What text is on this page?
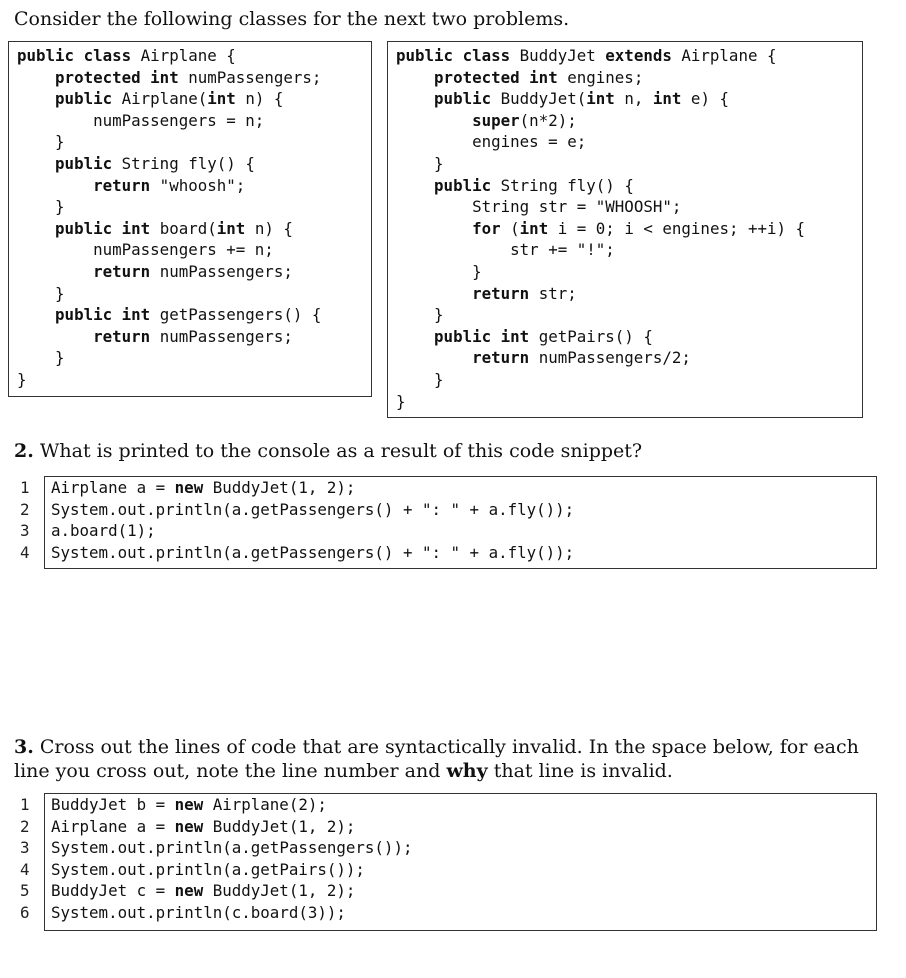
Consider the following classes for the next two problems.
public class Airplane {
protected int numPassengers;
public Airplane(int n) {
numPassengers = n;
}
public String fly() {
return "whoosh";
}
public int board(int n) {
numPassengers += n;
return numPassengers;
}
public int getPassengers() {
return numPassengers;
}
}
public class BuddyJet extends Airplane {
protected int engines;
public BuddyJet(int n, int e) {
super(n*2);
engines = e;
}
public String fly() {
String str = "WHOOSH";
for (int i = 0; i < engines; ++i) {
str += "!";
}
return str;
}
public int getPairs() {
return numPassengers/2;
}
}
2. What is printed to the console as a result of this code snippet?
1	Airplane a = new BuddyJet(1, 2);
2	System.out.println(a.getPassengers() + ": " + a.fly());
3	a.board(1);
4	System.out.println(a.getPassengers() + ": " + a.fly());
3. Cross out the lines of code that are syntactically invalid. In the space below, for each line you cross out, note the line number and why that line is invalid.
1	BuddyJet b = new Airplane(2);
2	Airplane a = new BuddyJet(1, 2);
3	System.out.println(a.getPassengers());
4	System.out.println(a.getPairs());
5	BuddyJet c = new BuddyJet(1, 2);
6	System.out.println(c.board(3));
